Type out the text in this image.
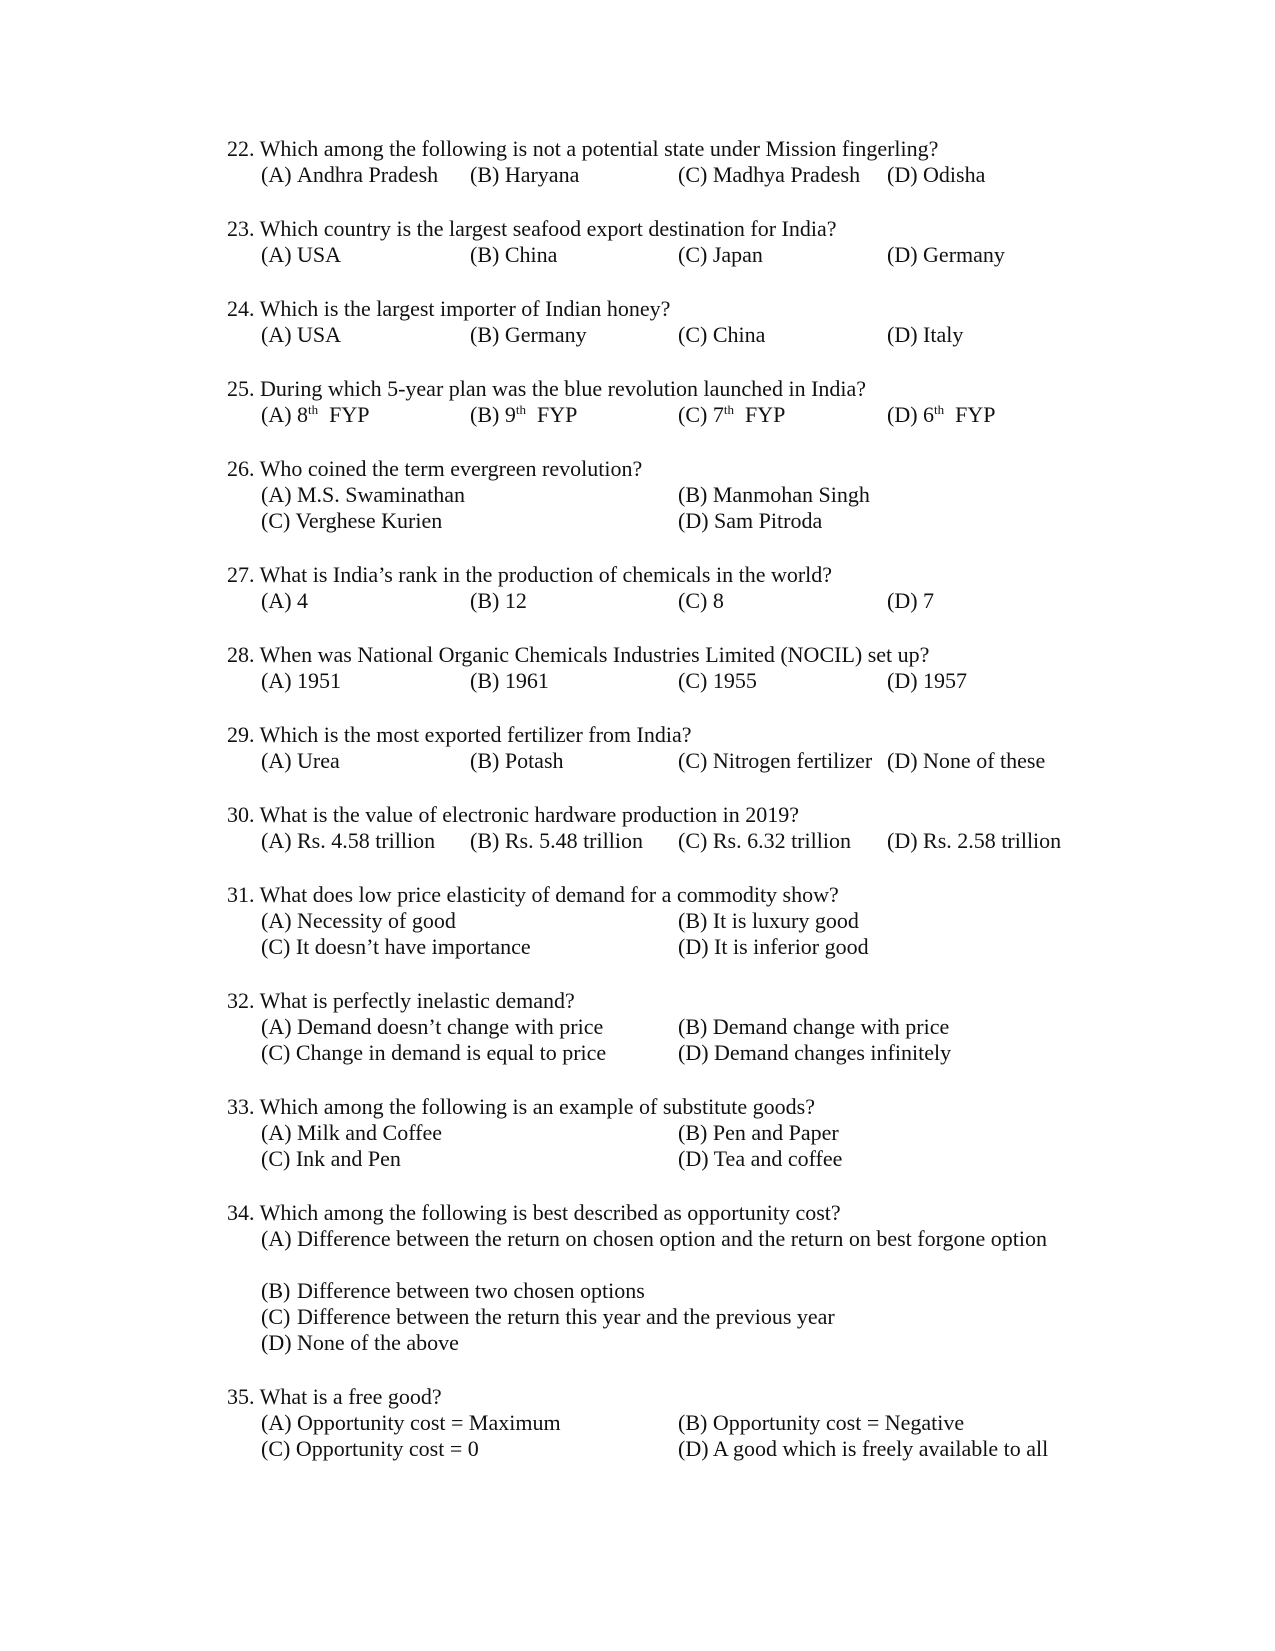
22. Which among the following is not a potential state under Mission fingerling?
(A) Andhra Pradesh (B) Haryana	(C) Madhya Pradesh (D) Odisha
23. Which country is the largest seafood export destination for India?
(A) USA	(B) China	(C) Japan	(D) Germany
24. Which is the largest importer of Indian honey?
(A) USA	(B) Germany	(C) China	(D) Italy
25. During which 5-year plan was the blue revolution launched in India?
(A) 8th FYP	(B) 9th FYP	(C) 7th FYP	(D) 6th FYP
26. Who coined the term evergreen revolution?
(A) M.S. Swaminathan	(B) Manmohan Singh
(C) Verghese Kurien	(D) Sam Pitroda
27. What is India’s rank in the production of chemicals in the world?
(A) 4	(B) 12	(C) 8	(D) 7
28. When was National Organic Chemicals Industries Limited (NOCIL) set up?
(A) 1951	(B) 1961	(C) 1955	(D) 1957
29. Which is the most exported fertilizer from India?
(A) Urea	(B) Potash	(C) Nitrogen fertilizer (D) None of these
30. What is the value of electronic hardware production in 2019?
(A) Rs. 4.58 trillion (B) Rs. 5.48 trillion (C) Rs. 6.32 trillion (D) Rs. 2.58 trillion
31. What does low price elasticity of demand for a commodity show?
(A) Necessity of good	(B) It is luxury good
(C) It doesn’t have importance	(D) It is inferior good
32. What is perfectly inelastic demand?
(A) Demand doesn’t change with price	(B) Demand change with price
(C) Change in demand is equal to price	(D) Demand changes infinitely
33. Which among the following is an example of substitute goods?
(A) Milk and Coffee	(B) Pen and Paper
(C) Ink and Pen	(D) Tea and coffee
34. Which among the following is best described as opportunity cost?
(A) Difference between the return on chosen option and the return on best forgone option
(B) Difference between two chosen options
(C) Difference between the return this year and the previous year
(D) None of the above
35. What is a free good?
(A) Opportunity cost = Maximum	(B) Opportunity cost = Negative
(C) Opportunity cost = 0	(D) A good which is freely available to all
